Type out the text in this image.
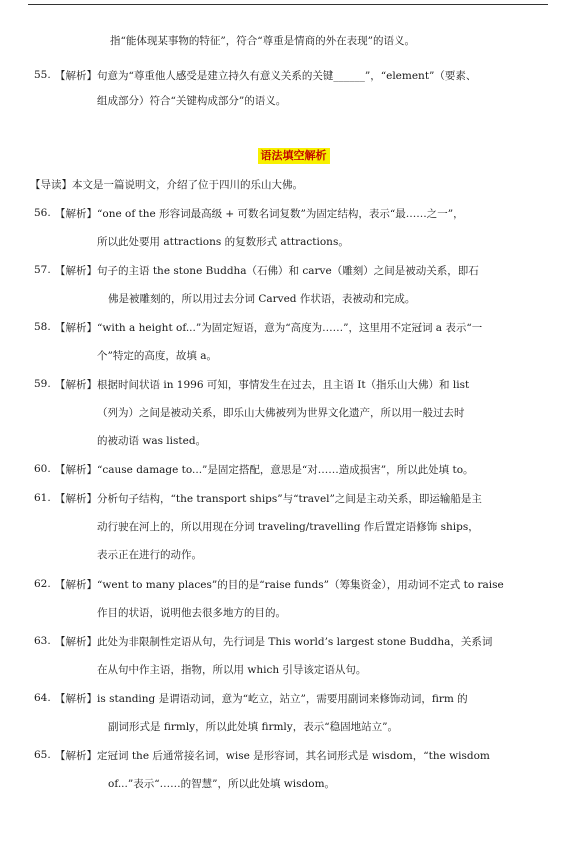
指“能体现某事物的特征”，符合“尊重是情商的外在表现”的语义。
55. 【解析】句意为“尊重他人感受是建立持久有意义关系的关键______”，“element”（要素、
组成部分）符合“关键构成部分”的语义。
语法填空解析
【导读】本文是一篇说明文，介绍了位于四川的乐山大佛。
56. 【解析】“one of the 形容词最高级 + 可数名词复数”为固定结构，表示“最……之一”，
所以此处要用 attractions 的复数形式 attractions。
57. 【解析】句子的主语 the stone Buddha（石佛）和 carve（雕刻）之间是被动关系，即石
佛是被雕刻的，所以用过去分词 Carved 作状语，表被动和完成。
58. 【解析】“with a height of...”为固定短语，意为“高度为……”，这里用不定冠词 a 表示“一
个”特定的高度，故填 a。
59. 【解析】根据时间状语 in 1996 可知，事情发生在过去，且主语 It（指乐山大佛）和 list
（列为）之间是被动关系，即乐山大佛被列为世界文化遗产，所以用一般过去时
的被动语 was listed。
60. 【解析】“cause damage to...”是固定搭配，意思是“对……造成损害”，所以此处填 to。
61. 【解析】分析句子结构，“the transport ships”与“travel”之间是主动关系，即运输船是主
动行驶在河上的，所以用现在分词 traveling/travelling 作后置定语修饰 ships，
表示正在进行的动作。
62. 【解析】“went to many places”的目的是“raise funds”（筹集资金），用动词不定式 to raise
作目的状语，说明他去很多地方的目的。
63. 【解析】此处为非限制性定语从句，先行词是 This world’s largest stone Buddha，关系词
在从句中作主语，指物，所以用 which 引导该定语从句。
64. 【解析】is standing 是谓语动词，意为“屹立，站立”，需要用副词来修饰动词，firm 的
副词形式是 firmly，所以此处填 firmly，表示“稳固地站立”。
65. 【解析】定冠词 the 后通常接名词，wise 是形容词，其名词形式是 wisdom，“the wisdom
of...”表示“……的智慧”，所以此处填 wisdom。
